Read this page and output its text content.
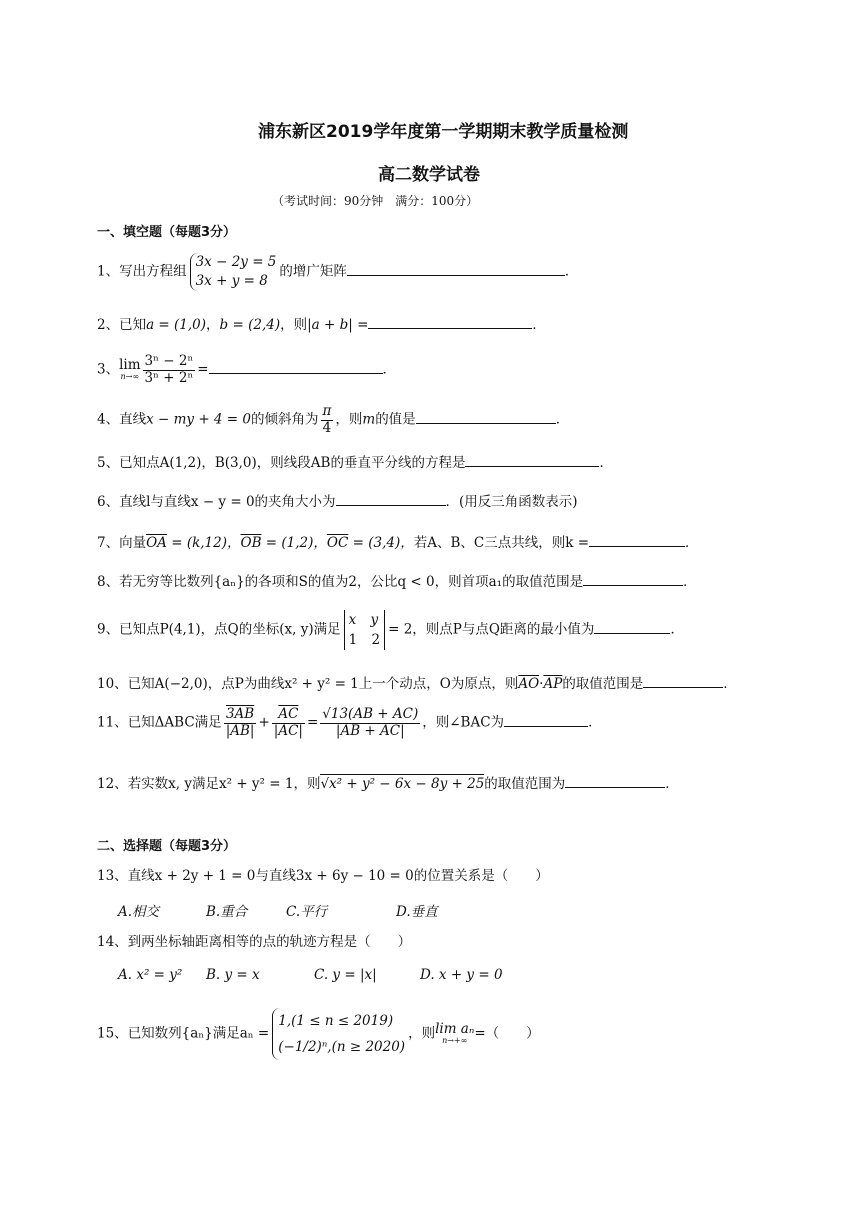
浦东新区2019学年度第一学期期末教学质量检测
高二数学试卷
（考试时间：90分钟　满分：100分）
一、填空题（每题3分）
1、写出方程组
3x − 2y = 5
3x + y = 8
的增广矩阵	．
2、已知a = (1,0)，b = (2,4)，则|a + b| =	．
3、 lim
$n\to\infty \frac{\text{3ⁿ − 2ⁿ}}{\text{3ⁿ + 2ⁿ}}$ =	．
4、直线x − my + 4 = 0的倾斜角为 $\frac{\pi}{4}$ ，则m的值是	．
5、已知点A(1,2)，B(3,0)，则线段AB的垂直平分线的方程是	．
6、直线l与直线x − y = 0的夹角大小为	．(用反三角函数表示)
7、向量$\overline{OA} = (k,12)$，$\overline{OB} = (1,2)$，$\overline{OC} = (3,4)$，若A、B、C三点共线，则k =	．
8、若无穷等比数列{aₙ}的各项和S的值为2，公比q < 0，则首项a₁的取值范围是	．
9、已知点P(4,1)，点Q的坐标(x, y)满足
x y
1 2
= 2，则点P与点Q距离的最小值为	．
10、已知A(−2,0)，点P为曲线x² + y² = 1上一个动点，O为原点，则$\overline{AO}\cdot\overline{AP}$的取值范围是	．
11、已知ΔABC满足 $\frac{3AB}{|AB|} + \frac{\overline{AC}}{|AC|} = \frac{√13(AB + AC)}{|AB + AC|}$ ，则∠BAC为	．
12、若实数x, y满足x² + y² = 1，则√x² + y² − 6x − 8y + 25的取值范围为	．
二、选择题（每题3分）
13、直线x + 2y + 1 = 0与直线3x + 6y − 10 = 0的位置关系是（　　）
A.相交	B.重合	C.平行	D.垂直
14、到两坐标轴距离相等的点的轨迹方程是（　　）
A. x² = y² B. y = x	C. y = |x|	D. x + y = 0
15、已知数列{aₙ}满足aₙ =
1,(1 ≤ n ≤ 2019)
(−1/2)ⁿ,(n ≥ 2020)
，则 lim aₙ
n→+∞ =（　　）
